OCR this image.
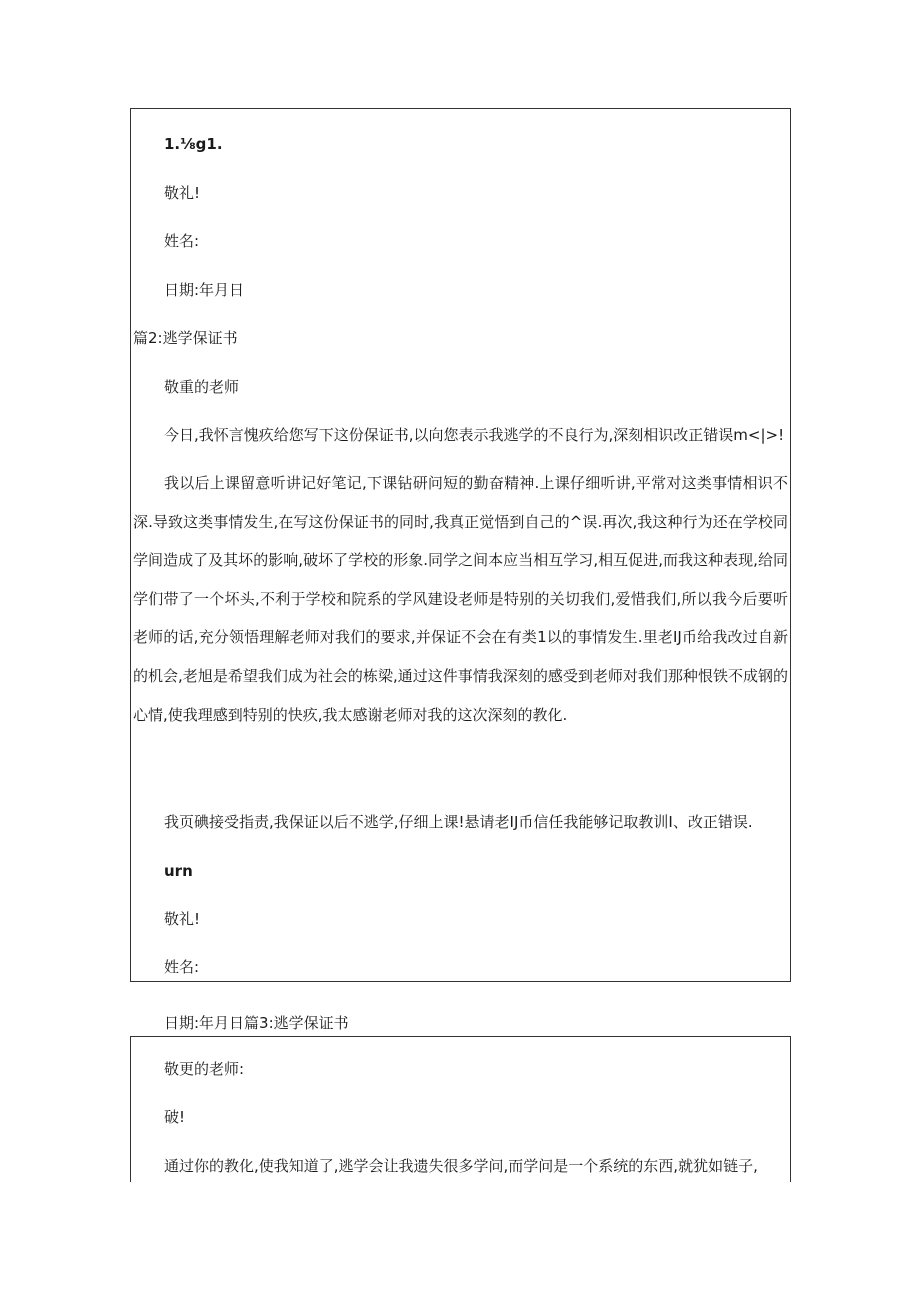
1.⅛g1.
敬礼!
姓名:
日期:年月日
篇2:逃学保证书
敬重的老师
今日,我怀言愧疚给您写下这份保证书,以向您表示我逃学的不良行为,深刻相识改正错误m<|>!
我以后上课留意听讲记好笔记,下课钻研问短的勤奋精神.上课仔细听讲,平常对这类事情相识不深.导致这类事情发生,在写这份保证书的同时,我真正觉悟到自己的^误.再次,我这种行为还在学校同学间造成了及其坏的影响,破坏了学校的形象.同学之间本应当相互学习,相互促进,而我这种表现,给同学们带了一个坏头,不利于学校和院系的学风建设老师是特别的关切我们,爱惜我们,所以我今后要听老师的话,充分领悟理解老师对我们的要求,并保证不会在有类1以的事情发生.里老IJ币给我改过自新的机会,老旭是希望我们成为社会的栋梁,通过这件事情我深刻的感受到老师对我们那种恨铁不成钢的心情,使我理感到特别的快疚,我太感谢老师对我的这次深刻的教化.
我页碘接受指责,我保证以后不逃学,仔细上课!悬请老IJ币信任我能够记取教训I、改正错误.
urn
敬礼!
姓名:
日期:年月日篇3:逃学保证书
敬更的老师:
破!
通过你的教化,使我知道了,逃学会让我遗失很多学问,而学问是一个系统的东西,就犹如链子,
